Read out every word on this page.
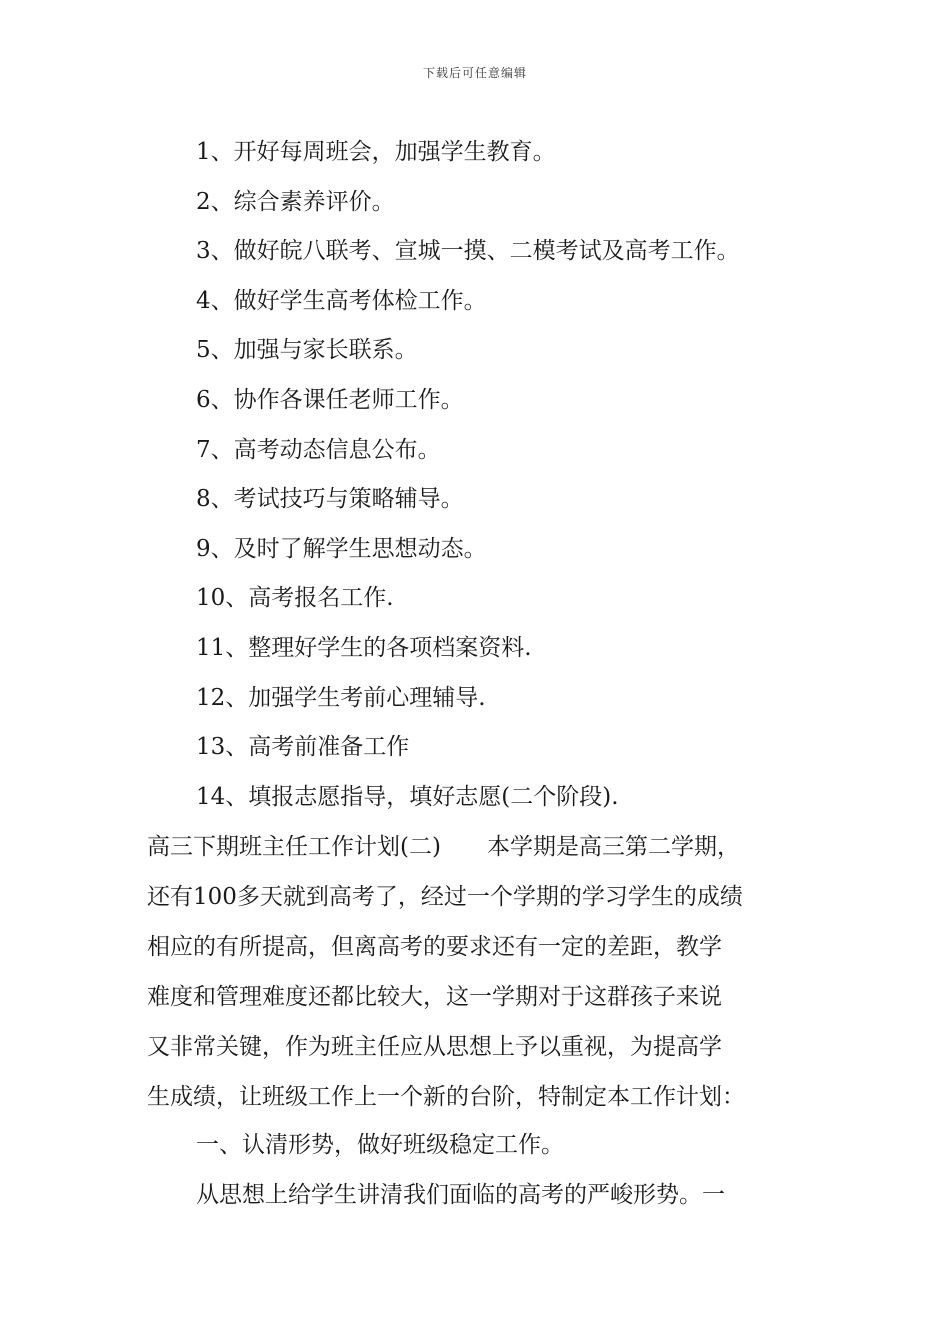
下载后可任意编辑
1、开好每周班会，加强学生教育。
2、综合素养评价。
3、做好皖八联考、宣城一摸、二模考试及高考工作。
4、做好学生高考体检工作。
5、加强与家长联系。
6、协作各课任老师工作。
7、高考动态信息公布。
8、考试技巧与策略辅导。
9、及时了解学生思想动态。
10、高考报名工作.
11、整理好学生的各项档案资料.
12、加强学生考前心理辅导.
13、高考前准备工作
14、填报志愿指导，填好志愿(二个阶段).

高三下期班主任工作计划(二)　　本学期是高三第二学期，
还有100多天就到高考了，经过一个学期的学习学生的成绩
相应的有所提高，但离高考的要求还有一定的差距，教学
难度和管理难度还都比较大，这一学期对于这群孩子来说
又非常关键，作为班主任应从思想上予以重视，为提高学
生成绩，让班级工作上一个新的台阶，特制定本工作计划：

一、认清形势，做好班级稳定工作。

从思想上给学生讲清我们面临的高考的严峻形势。一
